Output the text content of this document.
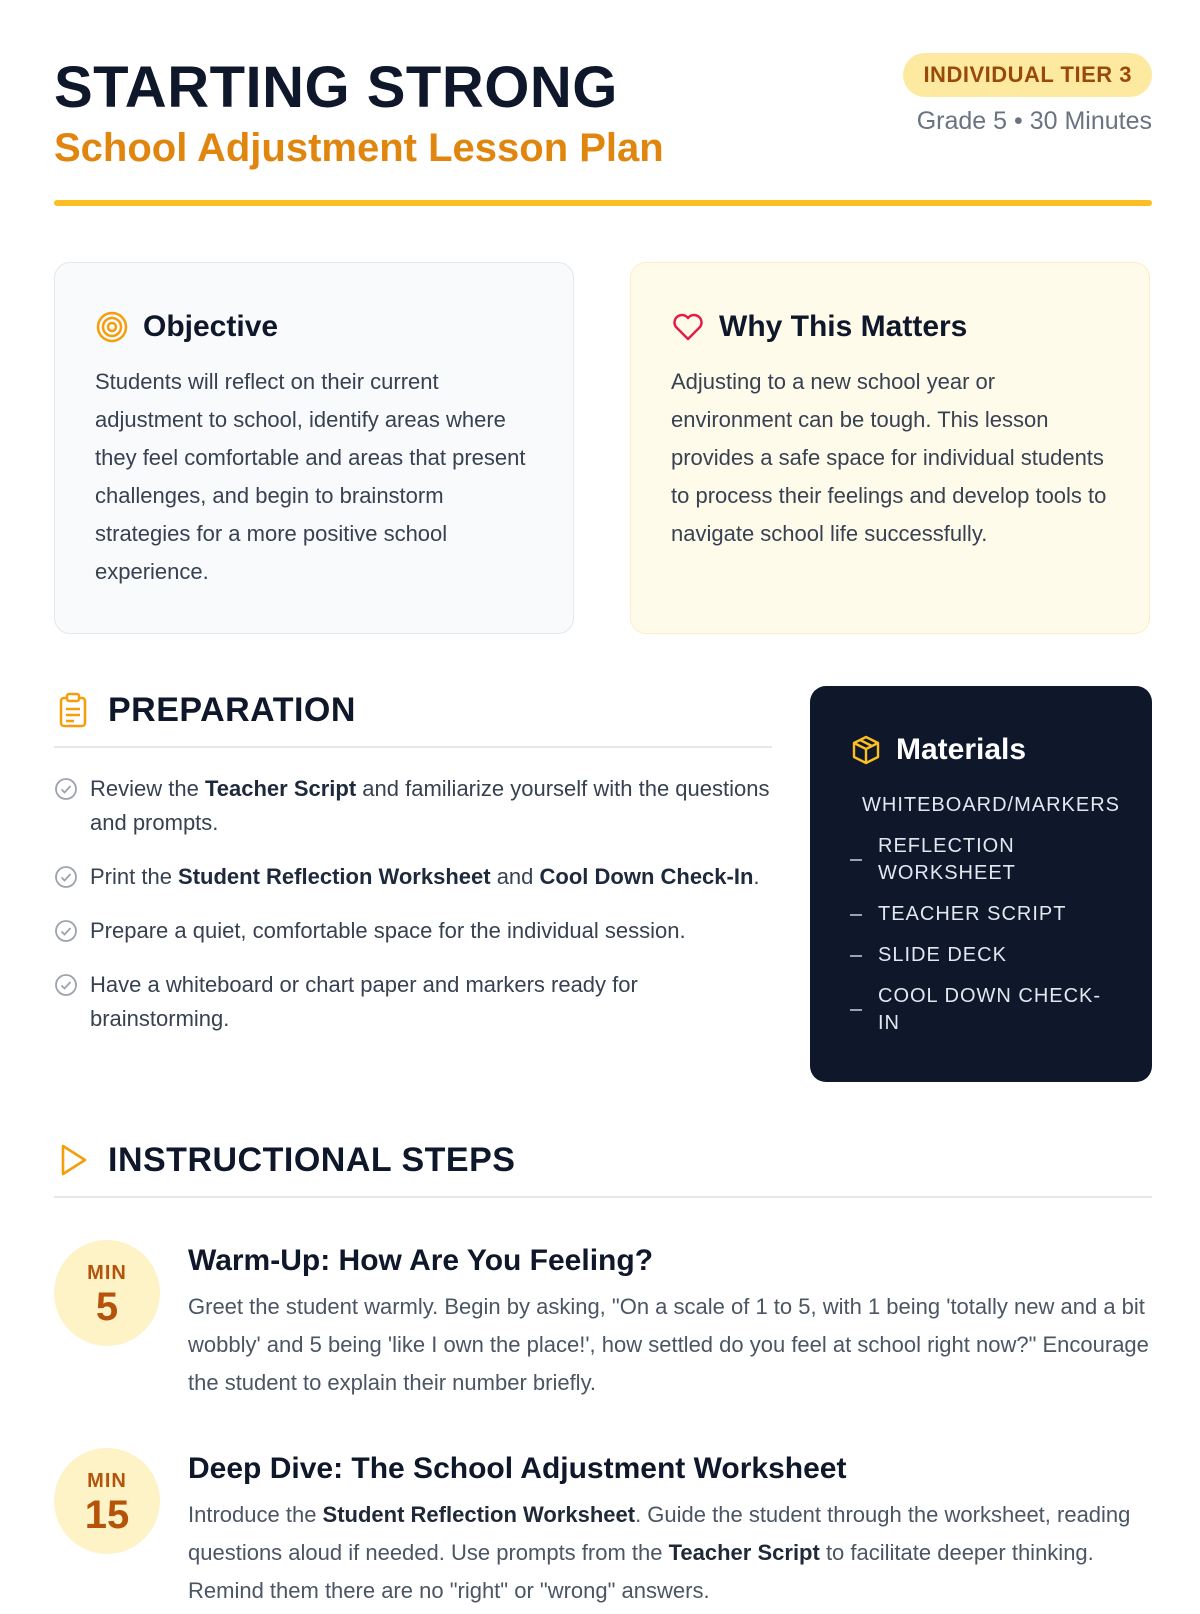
STARTING STRONG
School Adjustment Lesson Plan
INDIVIDUAL TIER 3
Grade 5 • 30 Minutes
Objective
Students will reflect on their current adjustment to school, identify areas where they feel comfortable and areas that present challenges, and begin to brainstorm strategies for a more positive school experience.
Why This Matters
Adjusting to a new school year or environment can be tough. This lesson provides a safe space for individual students to process their feelings and develop tools to navigate school life successfully.
PREPARATION
Review the Teacher Script and familiarize yourself with the questions and prompts.
Print the Student Reflection Worksheet and Cool Down Check-In.
Prepare a quiet, comfortable space for the individual session.
Have a whiteboard or chart paper and markers ready for brainstorming.
Materials
WHITEBOARD/MARKERS
REFLECTION WORKSHEET
TEACHER SCRIPT
SLIDE DECK
COOL DOWN CHECK-IN
INSTRUCTIONAL STEPS
MIN
5
Warm-Up: How Are You Feeling?
Greet the student warmly. Begin by asking, "On a scale of 1 to 5, with 1 being 'totally new and a bit wobbly' and 5 being 'like I own the place!', how settled do you feel at school right now?" Encourage the student to explain their number briefly.
MIN
15
Deep Dive: The School Adjustment Worksheet
Introduce the Student Reflection Worksheet. Guide the student through the worksheet, reading questions aloud if needed. Use prompts from the Teacher Script to facilitate deeper thinking. Remind them there are no "right" or "wrong" answers.
